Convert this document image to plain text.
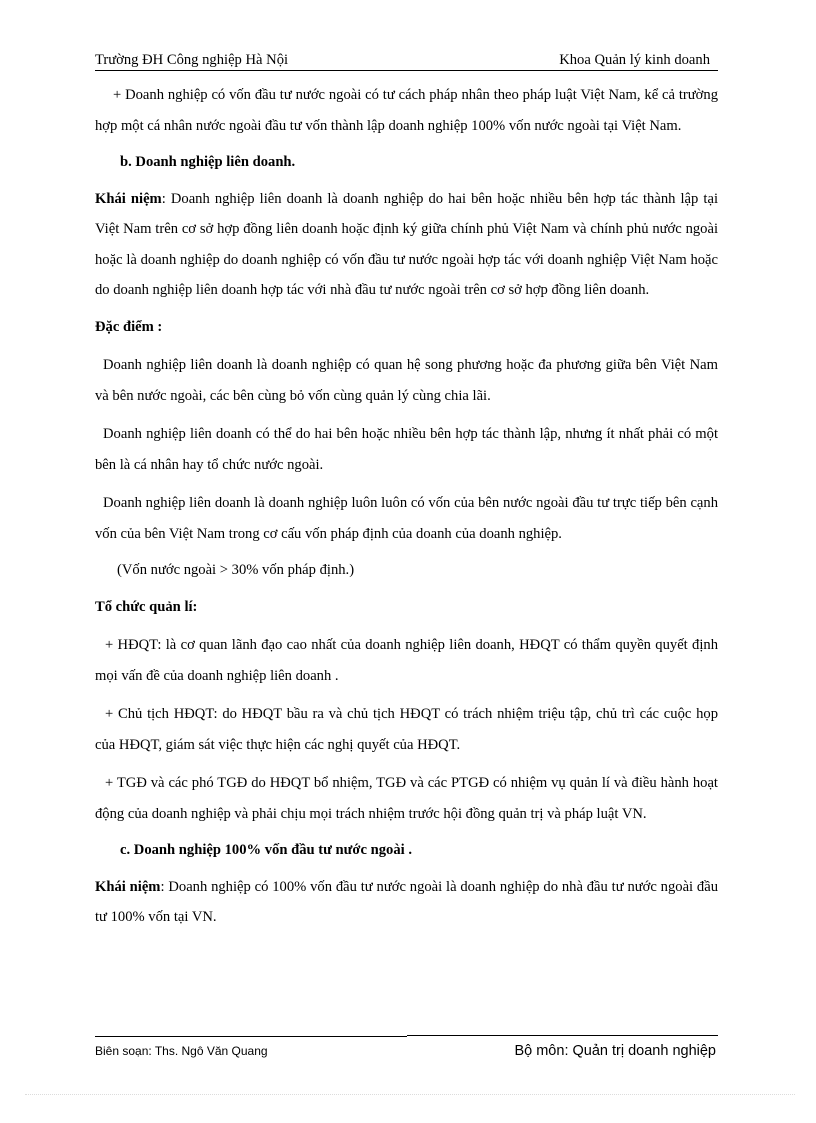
Trường ĐH Công nghiệp Hà Nội	Khoa Quản lý kinh doanh

+ Doanh nghiệp có vốn đầu tư nước ngoài có tư cách pháp nhân theo pháp luật Việt Nam, kể cả trường hợp một cá nhân nước ngoài đầu tư vốn thành lập doanh nghiệp 100% vốn nước ngoài tại Việt Nam.

b. Doanh nghiệp liên doanh.

Khái niệm: Doanh nghiệp liên doanh là doanh nghiệp do hai bên hoặc nhiều bên hợp tác thành lập tại Việt Nam trên cơ sở hợp đồng liên doanh hoặc định ký giữa chính phủ Việt Nam và chính phủ nước ngoài hoặc là doanh nghiệp do doanh nghiệp có vốn đầu tư nước ngoài hợp tác với doanh nghiệp Việt Nam hoặc do doanh nghiệp liên doanh hợp tác với nhà đầu tư nước ngoài trên cơ sở hợp đồng liên doanh.

Đặc điểm :

Doanh nghiệp liên doanh là doanh nghiệp có quan hệ song phương hoặc đa phương giữa bên Việt Nam và bên nước ngoài, các bên cùng bỏ vốn cùng quản lý cùng chia lãi.

Doanh nghiệp liên doanh có thể do hai bên hoặc nhiều bên hợp tác thành lập, nhưng ít nhất phải có một bên là cá nhân hay tổ chức nước ngoài.

Doanh nghiệp liên doanh là doanh nghiệp luôn luôn có vốn của bên nước ngoài đầu tư trực tiếp bên cạnh vốn của bên Việt Nam trong cơ cấu vốn pháp định của doanh của doanh nghiệp.

(Vốn nước ngoài > 30% vốn pháp định.)

Tổ chức quản lí:

+ HĐQT: là cơ quan lãnh đạo cao nhất của doanh nghiệp liên doanh, HĐQT có thẩm quyền quyết định mọi vấn đề của doanh nghiệp liên doanh .

+ Chủ tịch HĐQT: do HĐQT bầu ra và chủ tịch HĐQT có trách nhiệm triệu tập, chủ trì các cuộc họp của HĐQT, giám sát việc thực hiện các nghị quyết của HĐQT.

+ TGĐ và các phó TGĐ do HĐQT bổ nhiệm, TGĐ và các PTGĐ có nhiệm vụ quản lí và điều hành hoạt động của doanh nghiệp và phải chịu mọi trách nhiệm trước hội đồng quản trị và pháp luật VN.

c. Doanh nghiệp 100% vốn đầu tư nước ngoài .

Khái niệm: Doanh nghiệp có 100% vốn đầu tư nước ngoài là doanh nghiệp do nhà đầu tư nước ngoài đầu tư 100% vốn tại VN.

Biên soạn: Ths. Ngô Văn Quang	Bộ môn: Quản trị doanh nghiệp
